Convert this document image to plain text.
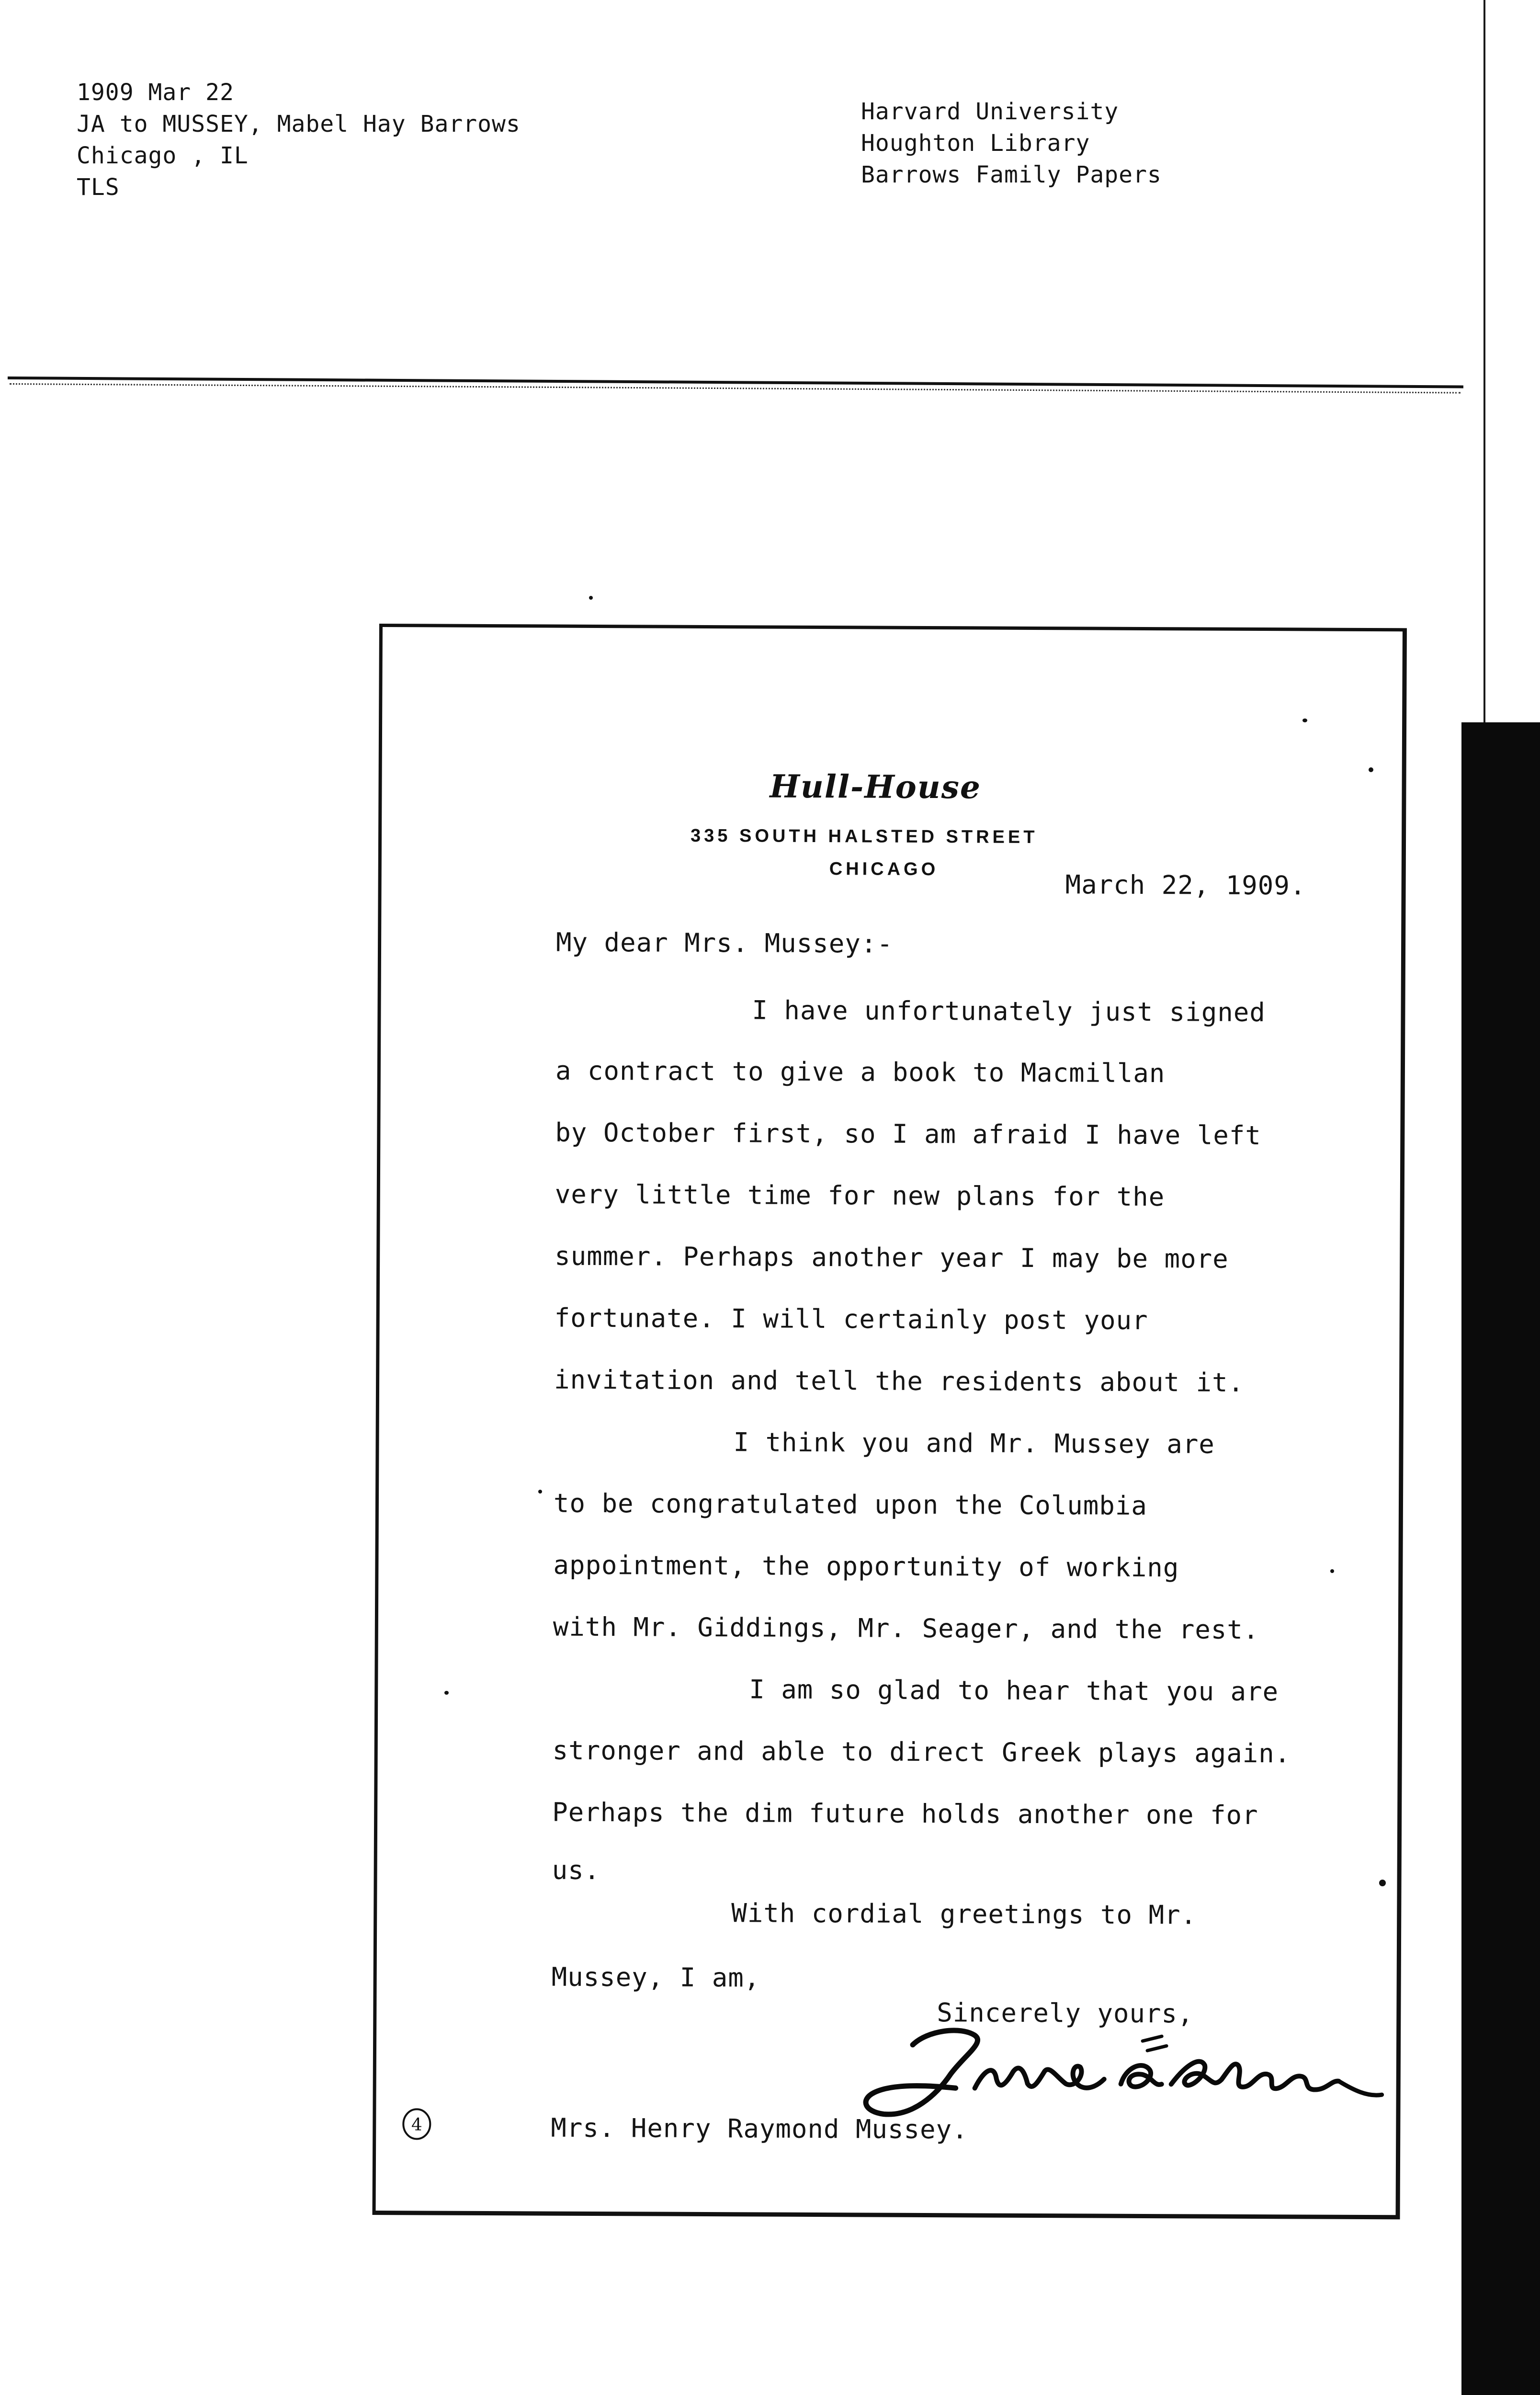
1909 Mar 22
JA to MUSSEY, Mabel Hay Barrows
Chicago , IL
TLS
Harvard University
Houghton Library
Barrows Family Papers
Hull-House
335 SOUTH HALSTED STREET
CHICAGO
March 22, 1909.
My dear Mrs. Mussey:-
I have unfortunately just signed
a contract to give a book to Macmillan
by October first, so I am afraid I have left
very little time for new plans for the
summer. Perhaps another year I may be more
fortunate. I will certainly post your
invitation and tell the residents about it.
I think you and Mr. Mussey are
to be congratulated upon the Columbia
appointment, the opportunity of working
with Mr. Giddings, Mr. Seager, and the rest.
I am so glad to hear that you are
stronger and able to direct Greek plays again.
Perhaps the dim future holds another one for
us.
With cordial greetings to Mr.
Mussey, I am,
Sincerely yours,
Mrs. Henry Raymond Mussey.
4
